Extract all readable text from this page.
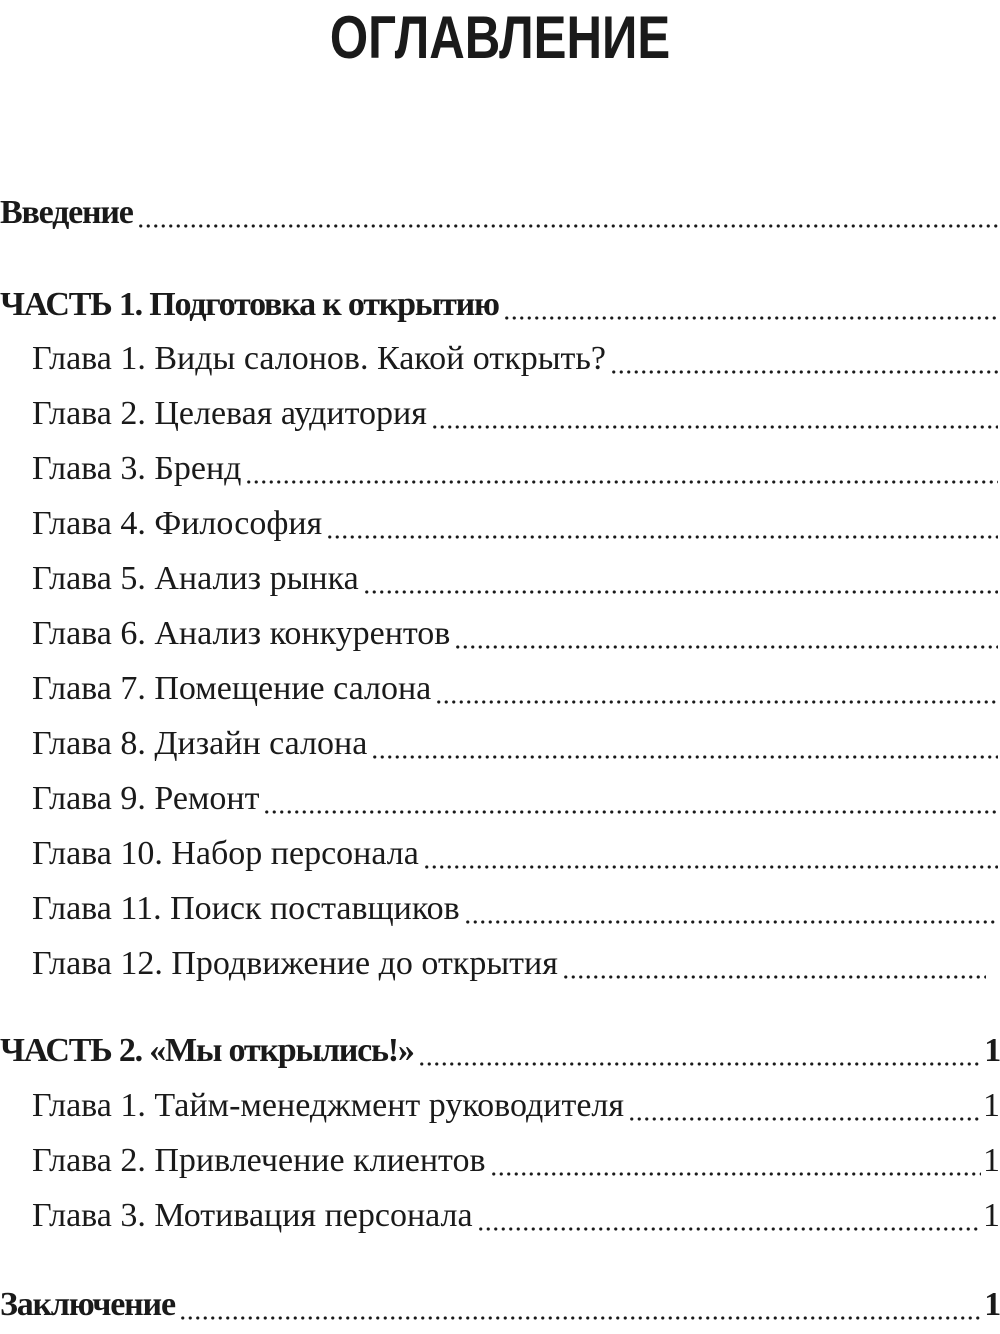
ОГЛАВЛЕНИЕ
Введение
ЧАСТЬ 1. Подготовка к открытию
Глава 1. Виды салонов. Какой открыть?
Глава 2. Целевая аудитория
Глава 3. Бренд
Глава 4. Философия
Глава 5. Анализ рынка
Глава 6. Анализ конкурентов
Глава 7. Помещение салона
Глава 8. Дизайн салона
Глава 9. Ремонт
Глава 10. Набор персонала
Глава 11. Поиск поставщиков
Глава 12. Продвижение до открытия
ЧАСТЬ 2. «Мы открылись!»	1
Глава 1. Тайм-менеджмент руководителя	1
Глава 2. Привлечение клиентов	1
Глава 3. Мотивация персонала	1
Заключение	1
